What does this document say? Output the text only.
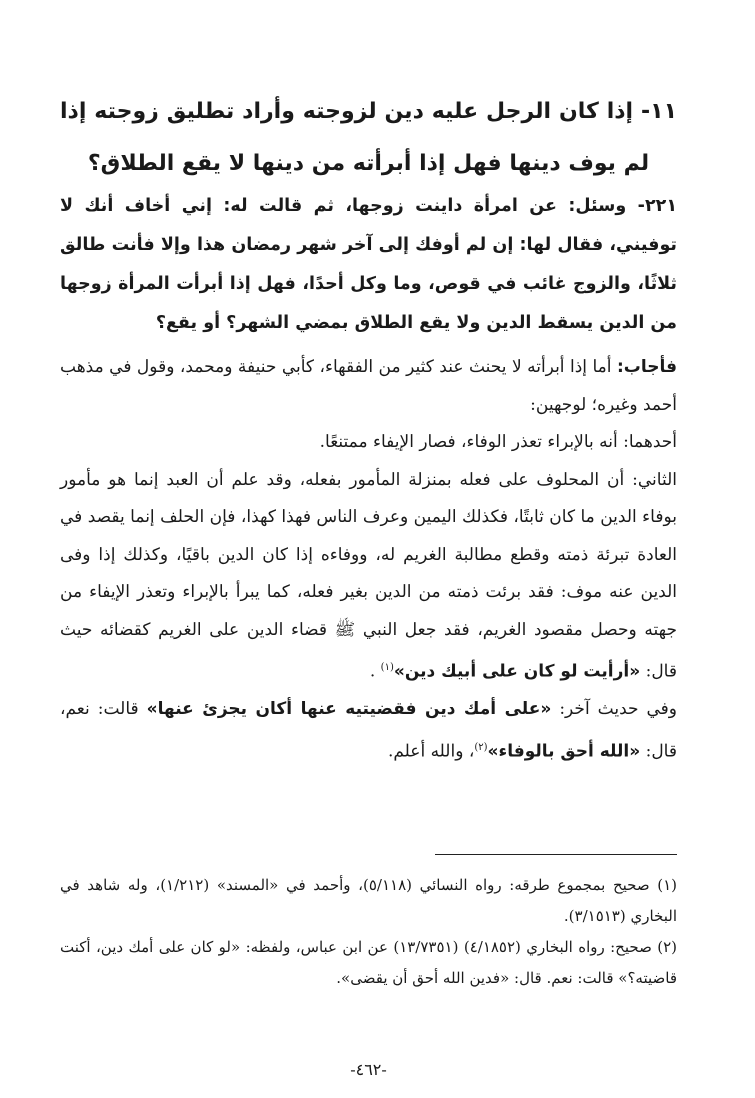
١١- إذا كان الرجل عليه دين لزوجته وأراد تطليق زوجته إذا لم يوف دينها فهل إذا أبرأته من دينها لا يقع الطلاق؟
٢٢١- وسئل: عن امرأة داينت زوجها، ثم قالت له: إني أخاف أنك لا توفيني، فقال لها: إن لم أوفك إلى آخر شهر رمضان هذا وإلا فأنت طالق ثلاثًا، والزوج غائب في قوص، وما وكل أحدًا، فهل إذا أبرأت المرأة زوجها من الدين يسقط الدين ولا يقع الطلاق بمضي الشهر؟ أو يقع؟

فأجاب: أما إذا أبرأته لا يحنث عند كثير من الفقهاء، كأبي حنيفة ومحمد، وقول في مذهب أحمد وغيره؛ لوجهين:

أحدهما: أنه بالإبراء تعذر الوفاء، فصار الإيفاء ممتنعًا.

الثاني: أن المحلوف على فعله بمنزلة المأمور بفعله، وقد علم أن العبد إنما هو مأمور بوفاء الدين ما كان ثابتًا، فكذلك اليمين وعرف الناس فهذا كهذا، فإن الحلف إنما يقصد في العادة تبرئة ذمته وقطع مطالبة الغريم له، ووفاءه إذا كان الدين باقيًا، وكذلك إذا وفى الدين عنه موف: فقد برئت ذمته من الدين بغير فعله، كما يبرأ بالإبراء وتعذر الإيفاء من جهته وحصل مقصود الغريم، فقد جعل النبي ﷺ قضاء الدين على الغريم كقضائه حيث قال: «أرأيت لو كان على أبيك دين»$^{(١)}$ .

وفي حديث آخر: «على أمك دين فقضيتيه عنها أكان يجزئ عنها» قالت: نعم، قال: «الله أحق بالوفاء»$^{(٢)}$، والله أعلم.

(١) صحيح بمجموع طرقه: رواه النسائي (٥/١١٨)، وأحمد في «المسند» (١/٢١٢)، وله شاهد في البخاري (٣/١٥١٣).

(٢) صحيح: رواه البخاري (٤/١٨٥٢) (١٣/٧٣٥١) عن ابن عباس، ولفظه: «لو كان على أمك دين، أكنت قاضيته؟» قالت: نعم. قال: «فدين الله أحق أن يقضى».

-٤٦٢-
